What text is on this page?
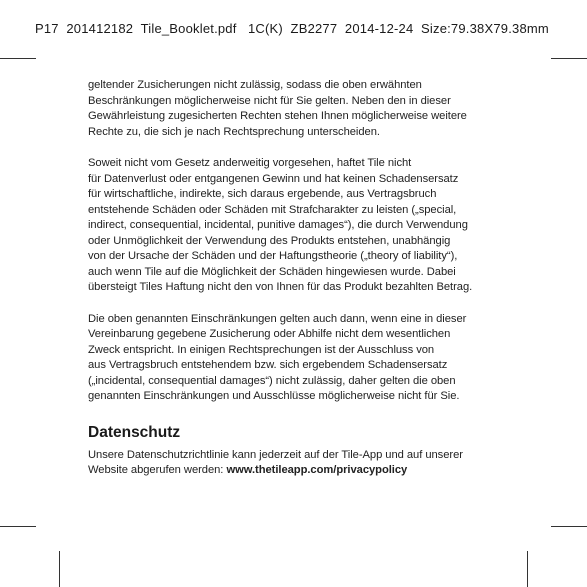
P17  201412182  Tile_Booklet.pdf   1C(K)  ZB2277  2014-12-24  Size:79.38X79.38mm

geltender Zusicherungen nicht zulässig, sodass die oben erwähnten
Beschränkungen möglicherweise nicht für Sie gelten. Neben den in dieser
Gewährleistung zugesicherten Rechten stehen Ihnen möglicherweise weitere
Rechte zu, die sich je nach Rechtsprechung unterscheiden.

Soweit nicht vom Gesetz anderweitig vorgesehen, haftet Tile nicht
für Datenverlust oder entgangenen Gewinn und hat keinen Schadensersatz
für wirtschaftliche, indirekte, sich daraus ergebende, aus Vertragsbruch
entstehende Schäden oder Schäden mit Strafcharakter zu leisten („special,
indirect, consequential, incidental, punitive damages“), die durch Verwendung
oder Unmöglichkeit der Verwendung des Produkts entstehen, unabhängig
von der Ursache der Schäden und der Haftungstheorie („theory of liability“),
auch wenn Tile auf die Möglichkeit der Schäden hingewiesen wurde. Dabei
übersteigt Tiles Haftung nicht den von Ihnen für das Produkt bezahlten Betrag.

Die oben genannten Einschränkungen gelten auch dann, wenn eine in dieser
Vereinbarung gegebene Zusicherung oder Abhilfe nicht dem wesentlichen
Zweck entspricht. In einigen Rechtsprechungen ist der Ausschluss von
aus Vertragsbruch entstehendem bzw. sich ergebendem Schadensersatz
(„incidental, consequential damages“) nicht zulässig, daher gelten die oben
genannten Einschränkungen und Ausschlüsse möglicherweise nicht für Sie.

Datenschutz

Unsere Datenschutzrichtlinie kann jederzeit auf der Tile-App und auf unserer
Website abgerufen werden: www.thetileapp.com/privacypolicy
